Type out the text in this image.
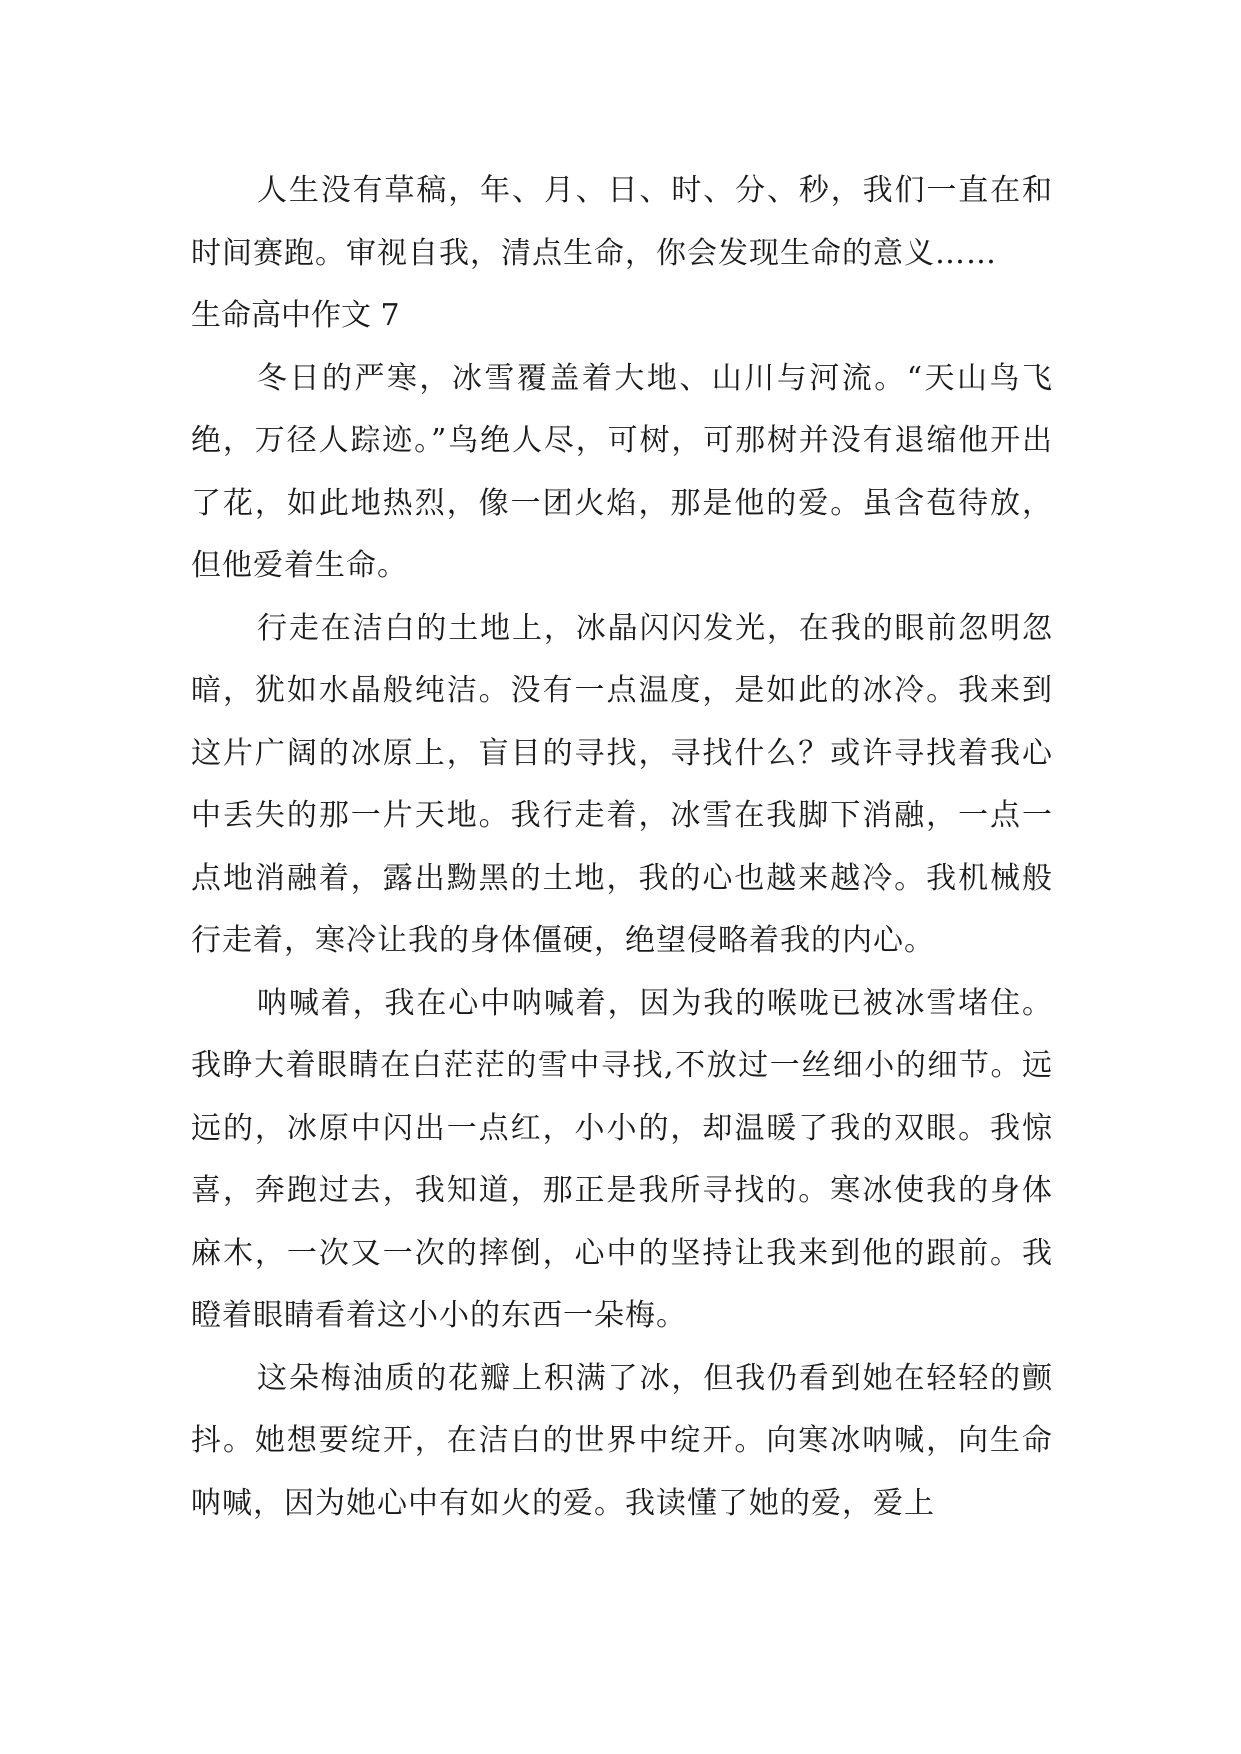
人生没有草稿，年、月、日、时、分、秒，我们一直在和时间赛跑。审视自我，清点生命，你会发现生命的意义……

生命高中作文 7

冬日的严寒，冰雪覆盖着大地、山川与河流。“天山鸟飞绝，万径人踪迹。”鸟绝人尽，可树，可那树并没有退缩他开出了花，如此地热烈，像一团火焰，那是他的爱。虽含苞待放，但他爱着生命。

行走在洁白的土地上，冰晶闪闪发光，在我的眼前忽明忽暗，犹如水晶般纯洁。没有一点温度，是如此的冰冷。我来到这片广阔的冰原上，盲目的寻找，寻找什么？或许寻找着我心中丢失的那一片天地。我行走着，冰雪在我脚下消融，一点一点地消融着，露出黝黑的土地，我的心也越来越冷。我机械般行走着，寒冷让我的身体僵硬，绝望侵略着我的内心。

呐喊着，我在心中呐喊着，因为我的喉咙已被冰雪堵住。我睁大着眼睛在白茫茫的雪中寻找,不放过一丝细小的细节。远远的，冰原中闪出一点红，小小的，却温暖了我的双眼。我惊喜，奔跑过去，我知道，那正是我所寻找的。寒冰使我的身体麻木，一次又一次的摔倒，心中的坚持让我来到他的跟前。我瞪着眼睛看着这小小的东西一朵梅。

这朵梅油质的花瓣上积满了冰，但我仍看到她在轻轻的颤抖。她想要绽开，在洁白的世界中绽开。向寒冰呐喊，向生命呐喊，因为她心中有如火的爱。我读懂了她的爱，爱上
